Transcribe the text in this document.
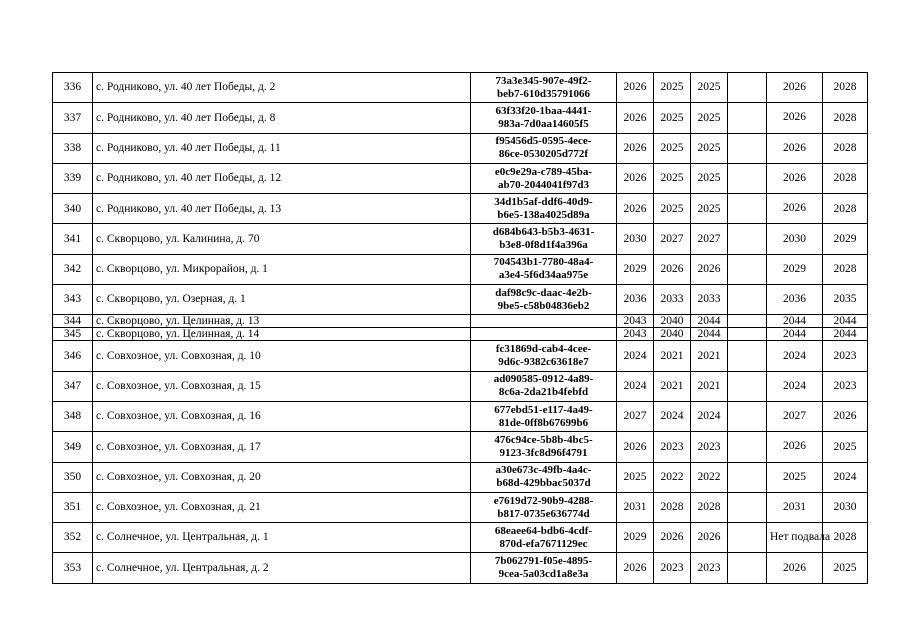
336	с. Родниково, ул. 40 лет Победы, д. 2	73a3e345-907e-49f2-
beb7-610d35791066	2026	2025	2025		2026	2028
337	с. Родниково, ул. 40 лет Победы, д. 8	63f33f20-1baa-4441-
983a-7d0aa14605f5	2026	2025	2025		2026	2028
338	с. Родниково, ул. 40 лет Победы, д. 11	f95456d5-0595-4ece-
86ce-0530205d772f	2026	2025	2025		2026	2028
339	с. Родниково, ул. 40 лет Победы, д. 12	e0c9e29a-c789-45ba-
ab70-2044041f97d3	2026	2025	2025		2026	2028
340	с. Родниково, ул. 40 лет Победы, д. 13	34d1b5af-ddf6-40d9-
b6e5-138a4025d89a	2026	2025	2025		2026	2028
341	с. Скворцово, ул. Калинина, д. 70	d684b643-b5b3-4631-
b3e8-0f8d1f4a396a	2030	2027	2027		2030	2029
342	с. Скворцово, ул. Микрорайон, д. 1	704543b1-7780-48a4-
a3e4-5f6d34aa975e	2029	2026	2026		2029	2028
343	с. Скворцово, ул. Озерная, д. 1	daf98c9c-daac-4e2b-
9be5-c58b04836eb2	2036	2033	2033		2036	2035
344	с. Скворцово, ул. Целинная, д. 13		2043	2040	2044		2044	2044
345	с. Скворцово, ул. Целинная, д. 14		2043	2040	2044		2044	2044
346	с. Совхозное, ул. Совхозная, д. 10	fc31869d-cab4-4cee-
9d6c-9382c63618e7	2024	2021	2021		2024	2023
347	с. Совхозное, ул. Совхозная, д. 15	ad090585-0912-4a89-
8c6a-2da21b4febfd	2024	2021	2021		2024	2023
348	с. Совхозное, ул. Совхозная, д. 16	677ebd51-e117-4a49-
81de-0ff8b67699b6	2027	2024	2024		2027	2026
349	с. Совхозное, ул. Совхозная, д. 17	476c94ce-5b8b-4bc5-
9123-3fc8d96f4791	2026	2023	2023		2026	2025
350	с. Совхозное, ул. Совхозная, д. 20	a30e673c-49fb-4a4c-
b68d-429bbac5037d	2025	2022	2022		2025	2024
351	с. Совхозное, ул. Совхозная, д. 21	e7619d72-90b9-4288-
b817-0735e636774d	2031	2028	2028		2031	2030
352	с. Солнечное, ул. Центральная, д. 1	68eaee64-bdb6-4cdf-
870d-efa7671129ec	2029	2026	2026		Нет подвала	2028
353	с. Солнечное, ул. Центральная, д. 2	7b062791-f05e-4895-
9cea-5a03cd1a8e3a	2026	2023	2023		2026	2025
